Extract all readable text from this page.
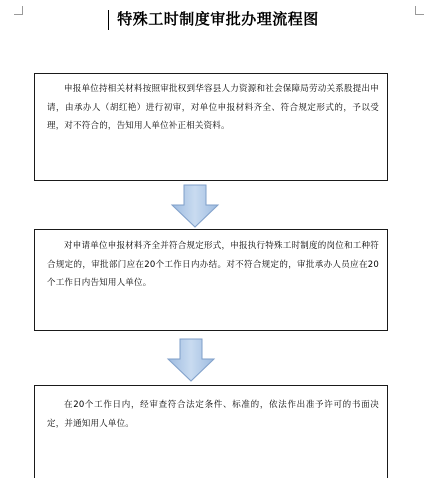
特殊工时制度审批办理流程图
申报单位持相关材料按照审批权到华容县人力资源和社会保障局劳动关系股提出申请，由承办人（胡红艳）进行初审，对单位申报材料齐全、符合规定形式的，予以受理，对不符合的，告知用人单位补正相关资料。
对申请单位申报材料齐全并符合规定形式，申报执行特殊工时制度的岗位和工种符合规定的，审批部门应在20个工作日内办结。对不符合规定的，审批承办人员应在20个工作日内告知用人单位。
在20个工作日内，经审查符合法定条件、标准的，依法作出准予许可的书面决定，并通知用人单位。
